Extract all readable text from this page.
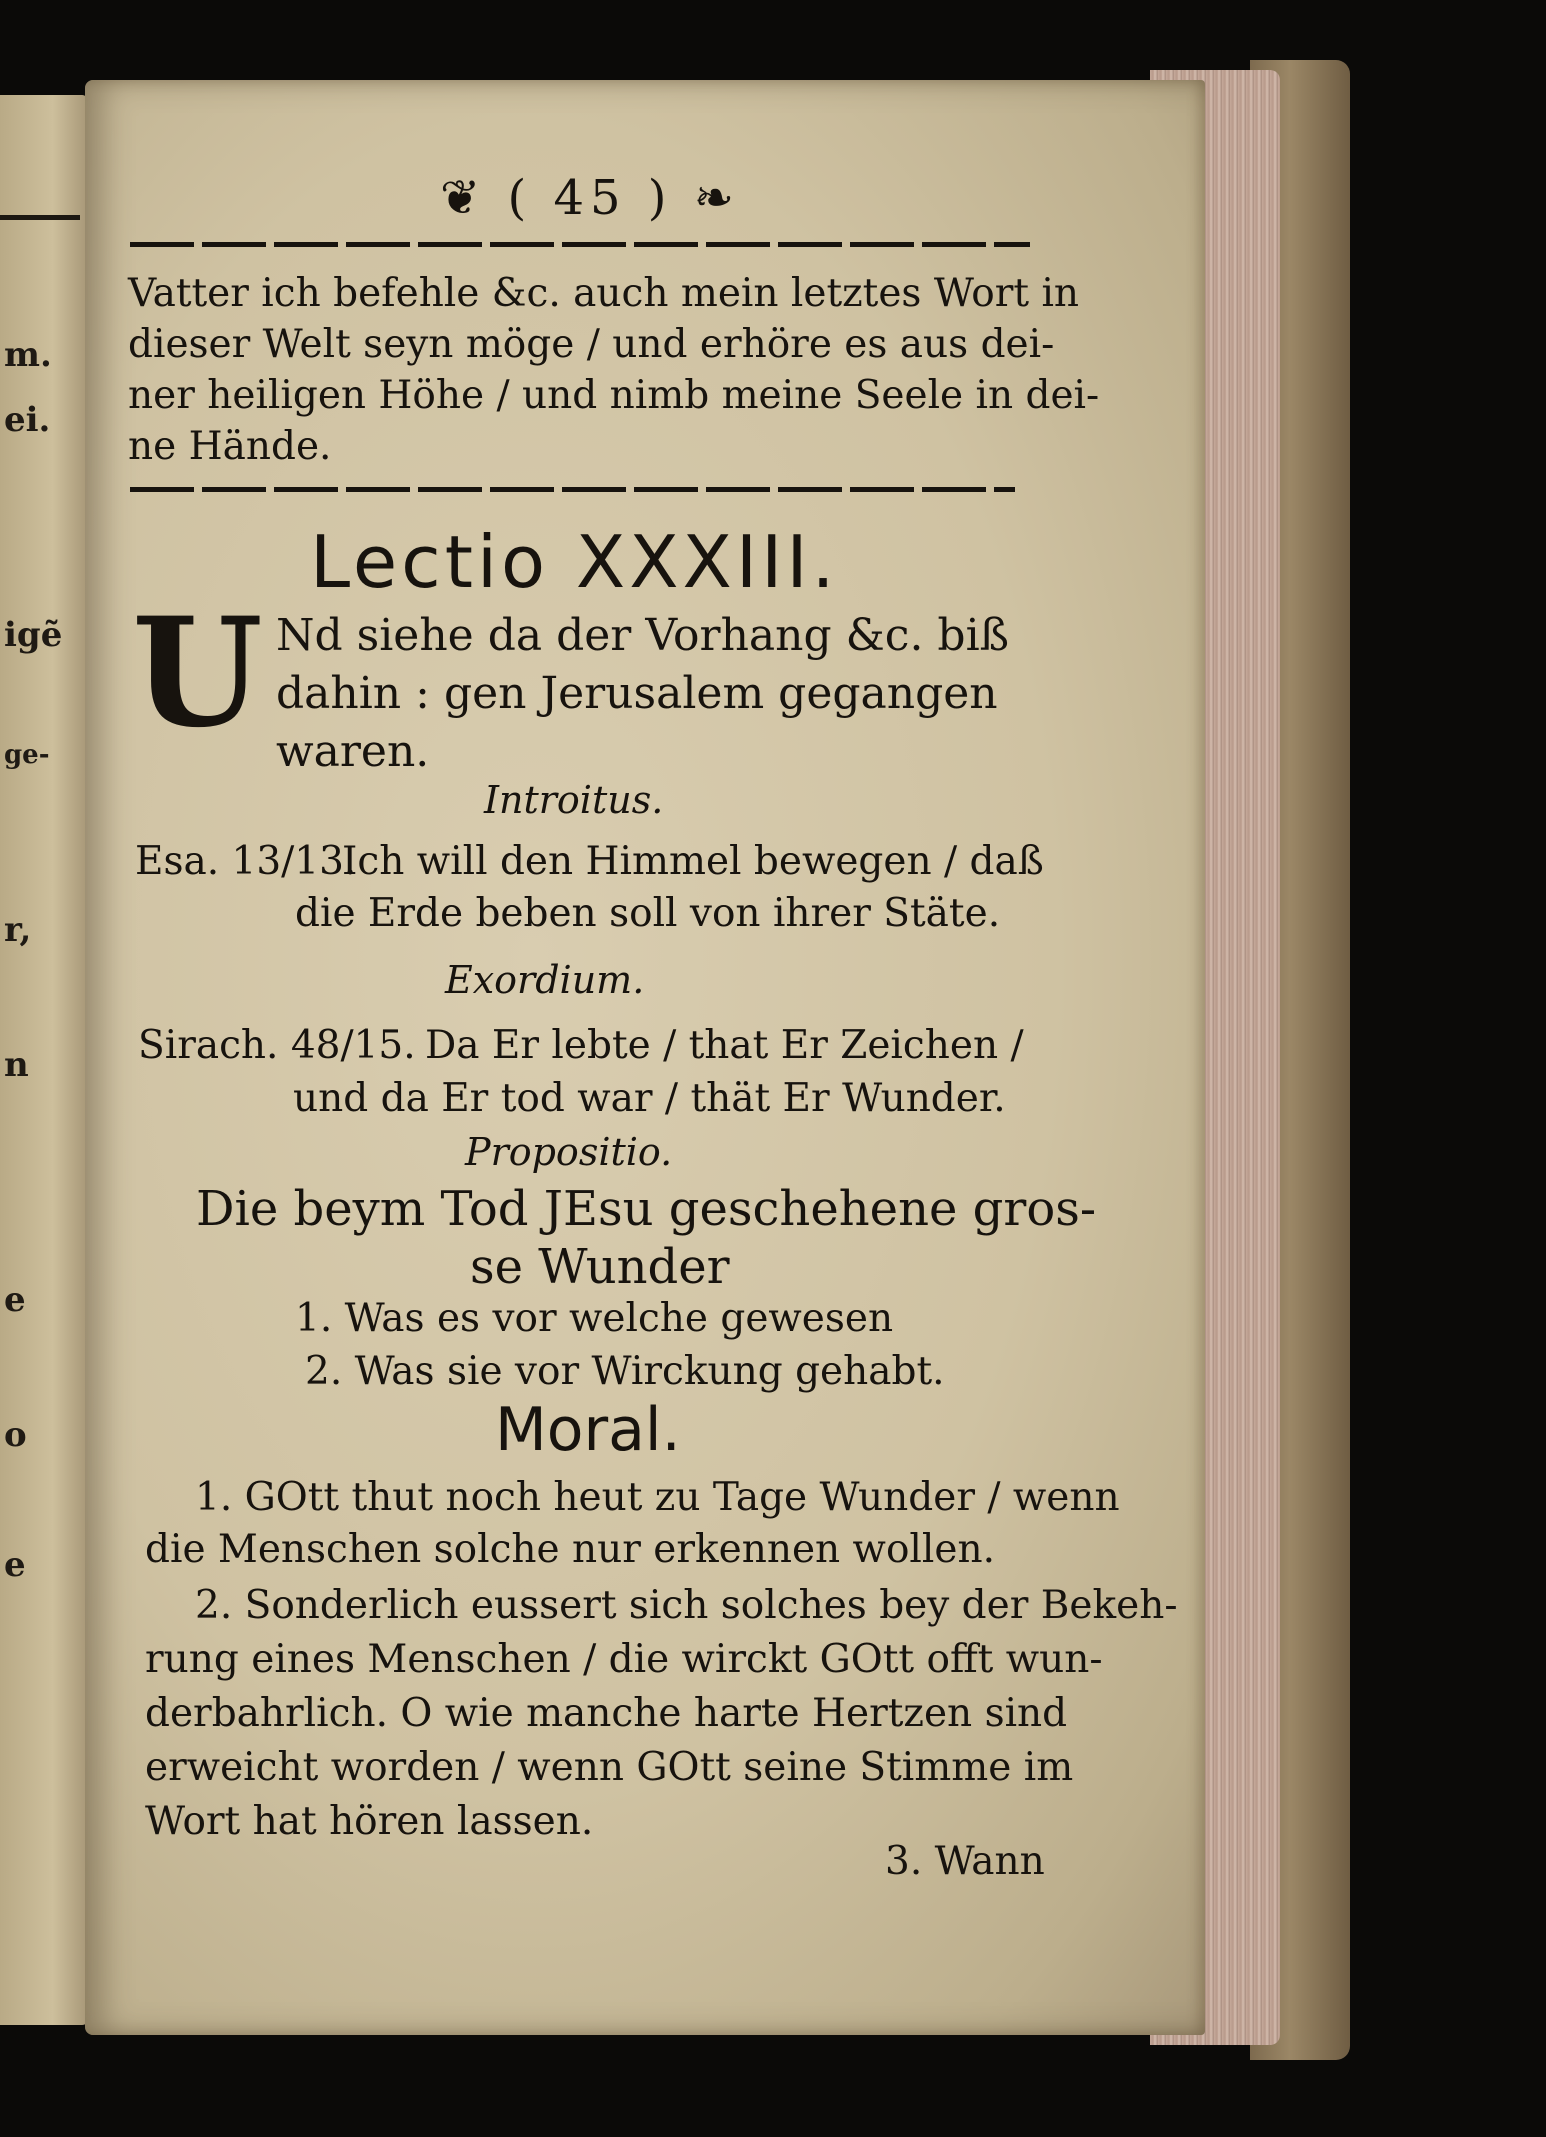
m.
ei.
igẽ
ge-
r,
n
e
o
e
❦ ( 45 ) ❧
Vatter ich befehle &c. auch mein letztes Wort in
dieser Welt seyn möge / und erhöre es aus dei-
ner heiligen Höhe / und nimb meine Seele in dei-
ne Hände.
Lectio XXXIII.
U Nd siehe da der Vorhang &c. biß
dahin : gen Jerusalem gegangen
waren.
Introitus.
Esa. 13/13.
Ich will den Himmel bewegen / daß
die Erde beben soll von ihrer Stäte.
Exordium.
Sirach. 48/15. Da Er lebte / that Er Zeichen /
und da Er tod war / thät Er Wunder.
Propositio.
Die beym Tod JEsu geschehene gros-
se Wunder
1. Was es vor welche gewesen
2. Was sie vor Wirckung gehabt.
Moral.
1. GOtt thut noch heut zu Tage Wunder / wenn
die Menschen solche nur erkennen wollen.
2. Sonderlich eussert sich solches bey der Bekeh-
rung eines Menschen / die wirckt GOtt offt wun-
derbahrlich. O wie manche harte Hertzen sind
erweicht worden / wenn GOtt seine Stimme im
Wort hat hören lassen.
3. Wann
